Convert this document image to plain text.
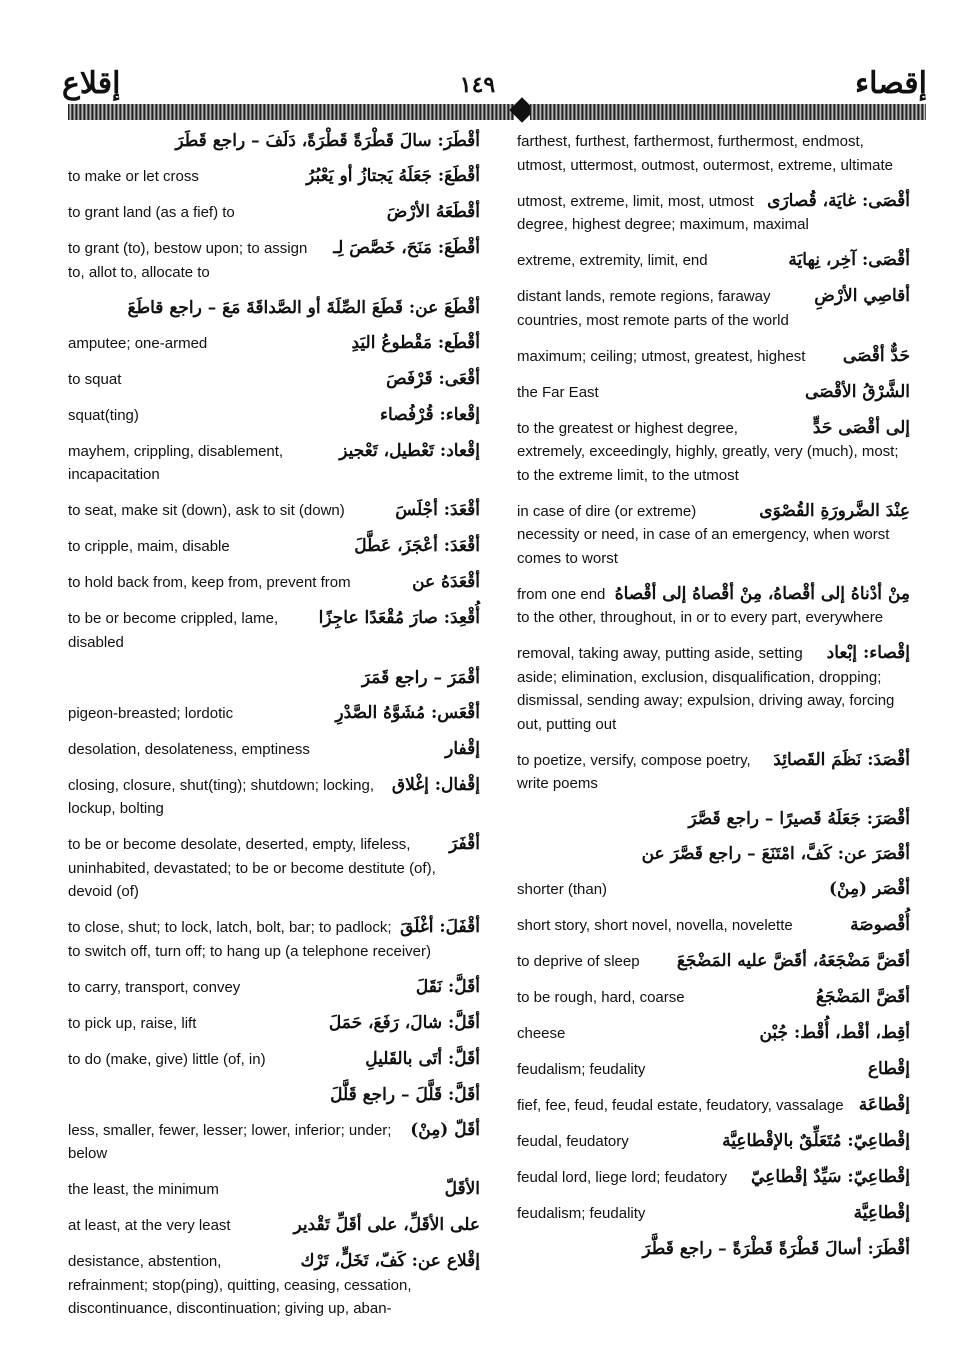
إقلاع	١٤٩	إقصاء
أقْطَرَ: سالَ قَطْرَةً قَطْرَةً، دَلَفَ – راجع قَطَرَ
أقْطَعَ: جَعَلَهُ يَجتازُ أو يَعْبُرُ
to make or let cross
أقْطَعَهُ الأرْضَ
to grant land (as a fief) to
أقْطَعَ: مَنَحَ، خَصَّصَ لِـ
to grant (to), bestow upon; to assign to, allot to, allocate to
أقْطَعَ عن: قَطَعَ الصِّلَةَ أو الصَّداقَةَ مَعَ – راجع قاطَعَ
أقْطَع: مَقْطوعُ اليَدِ
amputee; one-armed
أقْعَى: قَرْفَصَ
to squat
إقْعاء: قُرْفُصاء
squat(ting)
إقْعاد: تَعْطيل، تَعْجيز
mayhem, crippling, disablement, incapacitation
أقْعَدَ: أجْلَسَ
to seat, make sit (down), ask to sit (down)
أقْعَدَ: أعْجَزَ، عَطَّلَ
to cripple, maim, disable
أقْعَدَهُ عن
to hold back from, keep from, prevent from
أُقْعِدَ: صارَ مُقْعَدًا عاجِزًا
to be or become crippled, lame, disabled
أقْمَرَ – راجع قَمَرَ
أقْعَس: مُشَوَّهُ الصَّدْرِ
pigeon-breasted; lordotic
إقْفار
desolation, desolateness, emptiness
إقْفال: إغْلاق
closing, closure, shut(ting); shutdown; locking, lockup, bolting
أقْفَرَ
to be or become desolate, deserted, empty, lifeless, uninhabited, devastated; to be or become destitute (of), devoid (of)
أقْفَلَ: أغْلَقَ
to close, shut; to lock, latch, bolt, bar; to padlock; to switch off, turn off; to hang up (a telephone receiver)
أقَلَّ: نَقَلَ
to carry, transport, convey
أقَلَّ: شالَ، رَفَعَ، حَمَلَ
to pick up, raise, lift
أقَلَّ: أتَى بالقَليلِ
to do (make, give) little (of, in)
أقَلَّ: قَلَّلَ – راجع قَلَّلَ
أقَلّ (مِنْ)
less, smaller, fewer, lesser; lower, inferior; under; below
الأقَلّ
the least, the minimum
على الأقَلِّ، على أقَلِّ تَقْدير
at least, at the very least
إقْلاع عن: كَفّ، تَخَلٍّ، تَرْك
desistance, abstention, refrainment; stop(ping), quitting, ceasing, cessation, discontinuance, discontinuation; giving up, aban-
farthest, furthest, farthermost, furthermost, endmost, utmost, uttermost, outmost, outermost, extreme, ultimate
أقْصَى: غايَة، قُصارَى
utmost, extreme, limit, most, utmost degree, highest degree; maximum, maximal
أقْصَى: آخِر، نِهايَة
extreme, extremity, limit, end
أقاصِي الأرْضِ
distant lands, remote regions, faraway countries, most remote parts of the world
حَدٌّ أقْصَى
maximum; ceiling; utmost, greatest, highest
الشَّرْقُ الأقْصَى
the Far East
إلى أقْصَى حَدٍّ
to the greatest or highest degree, extremely, exceedingly, highly, greatly, very (much), most; to the extreme limit, to the utmost
عِنْدَ الضَّرورَةِ القُصْوَى
in case of dire (or extreme) necessity or need, in case of an emergency, when worst comes to worst
مِنْ أدْناهُ إلى أقْصاهُ، مِنْ أقْصاهُ إلى أقْصاهُ
from one end to the other, throughout, in or to every part, everywhere
إقْصاء: إبْعاد
removal, taking away, putting aside, setting aside; elimination, exclusion, disqualification, dropping; dismissal, sending away; expulsion, driving away, forcing out, putting out
أقْصَدَ: نَظَمَ القَصائِدَ
to poetize, versify, compose poetry, write poems
أقْصَرَ: جَعَلَهُ قَصيرًا – راجع قَصَّرَ
أقْصَرَ عن: كَفَّ، امْتَنَعَ – راجع قَصَّرَ عن
أقْصَر (مِنْ)
shorter (than)
أُقْصوصَة
short story, short novel, novella, novelette
أقَضَّ مَضْجَعَهُ، أقَضَّ عليه المَضْجَعَ
to deprive of sleep
أقَضَّ المَضْجَعُ
to be rough, hard, coarse
أقِط، أقْط، أُقْط: جُبْن
cheese
إقْطاع
feudalism; feudality
إقْطاعَة
fief, fee, feud, feudal estate, feudatory, vassalage
إقْطاعِيّ: مُتَعَلِّقٌ بالإقْطاعِيَّة
feudal, feudatory
إقْطاعِيّ: سَيِّدٌ إقْطاعِيّ
feudal lord, liege lord; feudatory
إقْطاعِيَّة
feudalism; feudality
أقْطَرَ: أسالَ قَطْرَةً قَطْرَةً – راجع قَطَّرَ
